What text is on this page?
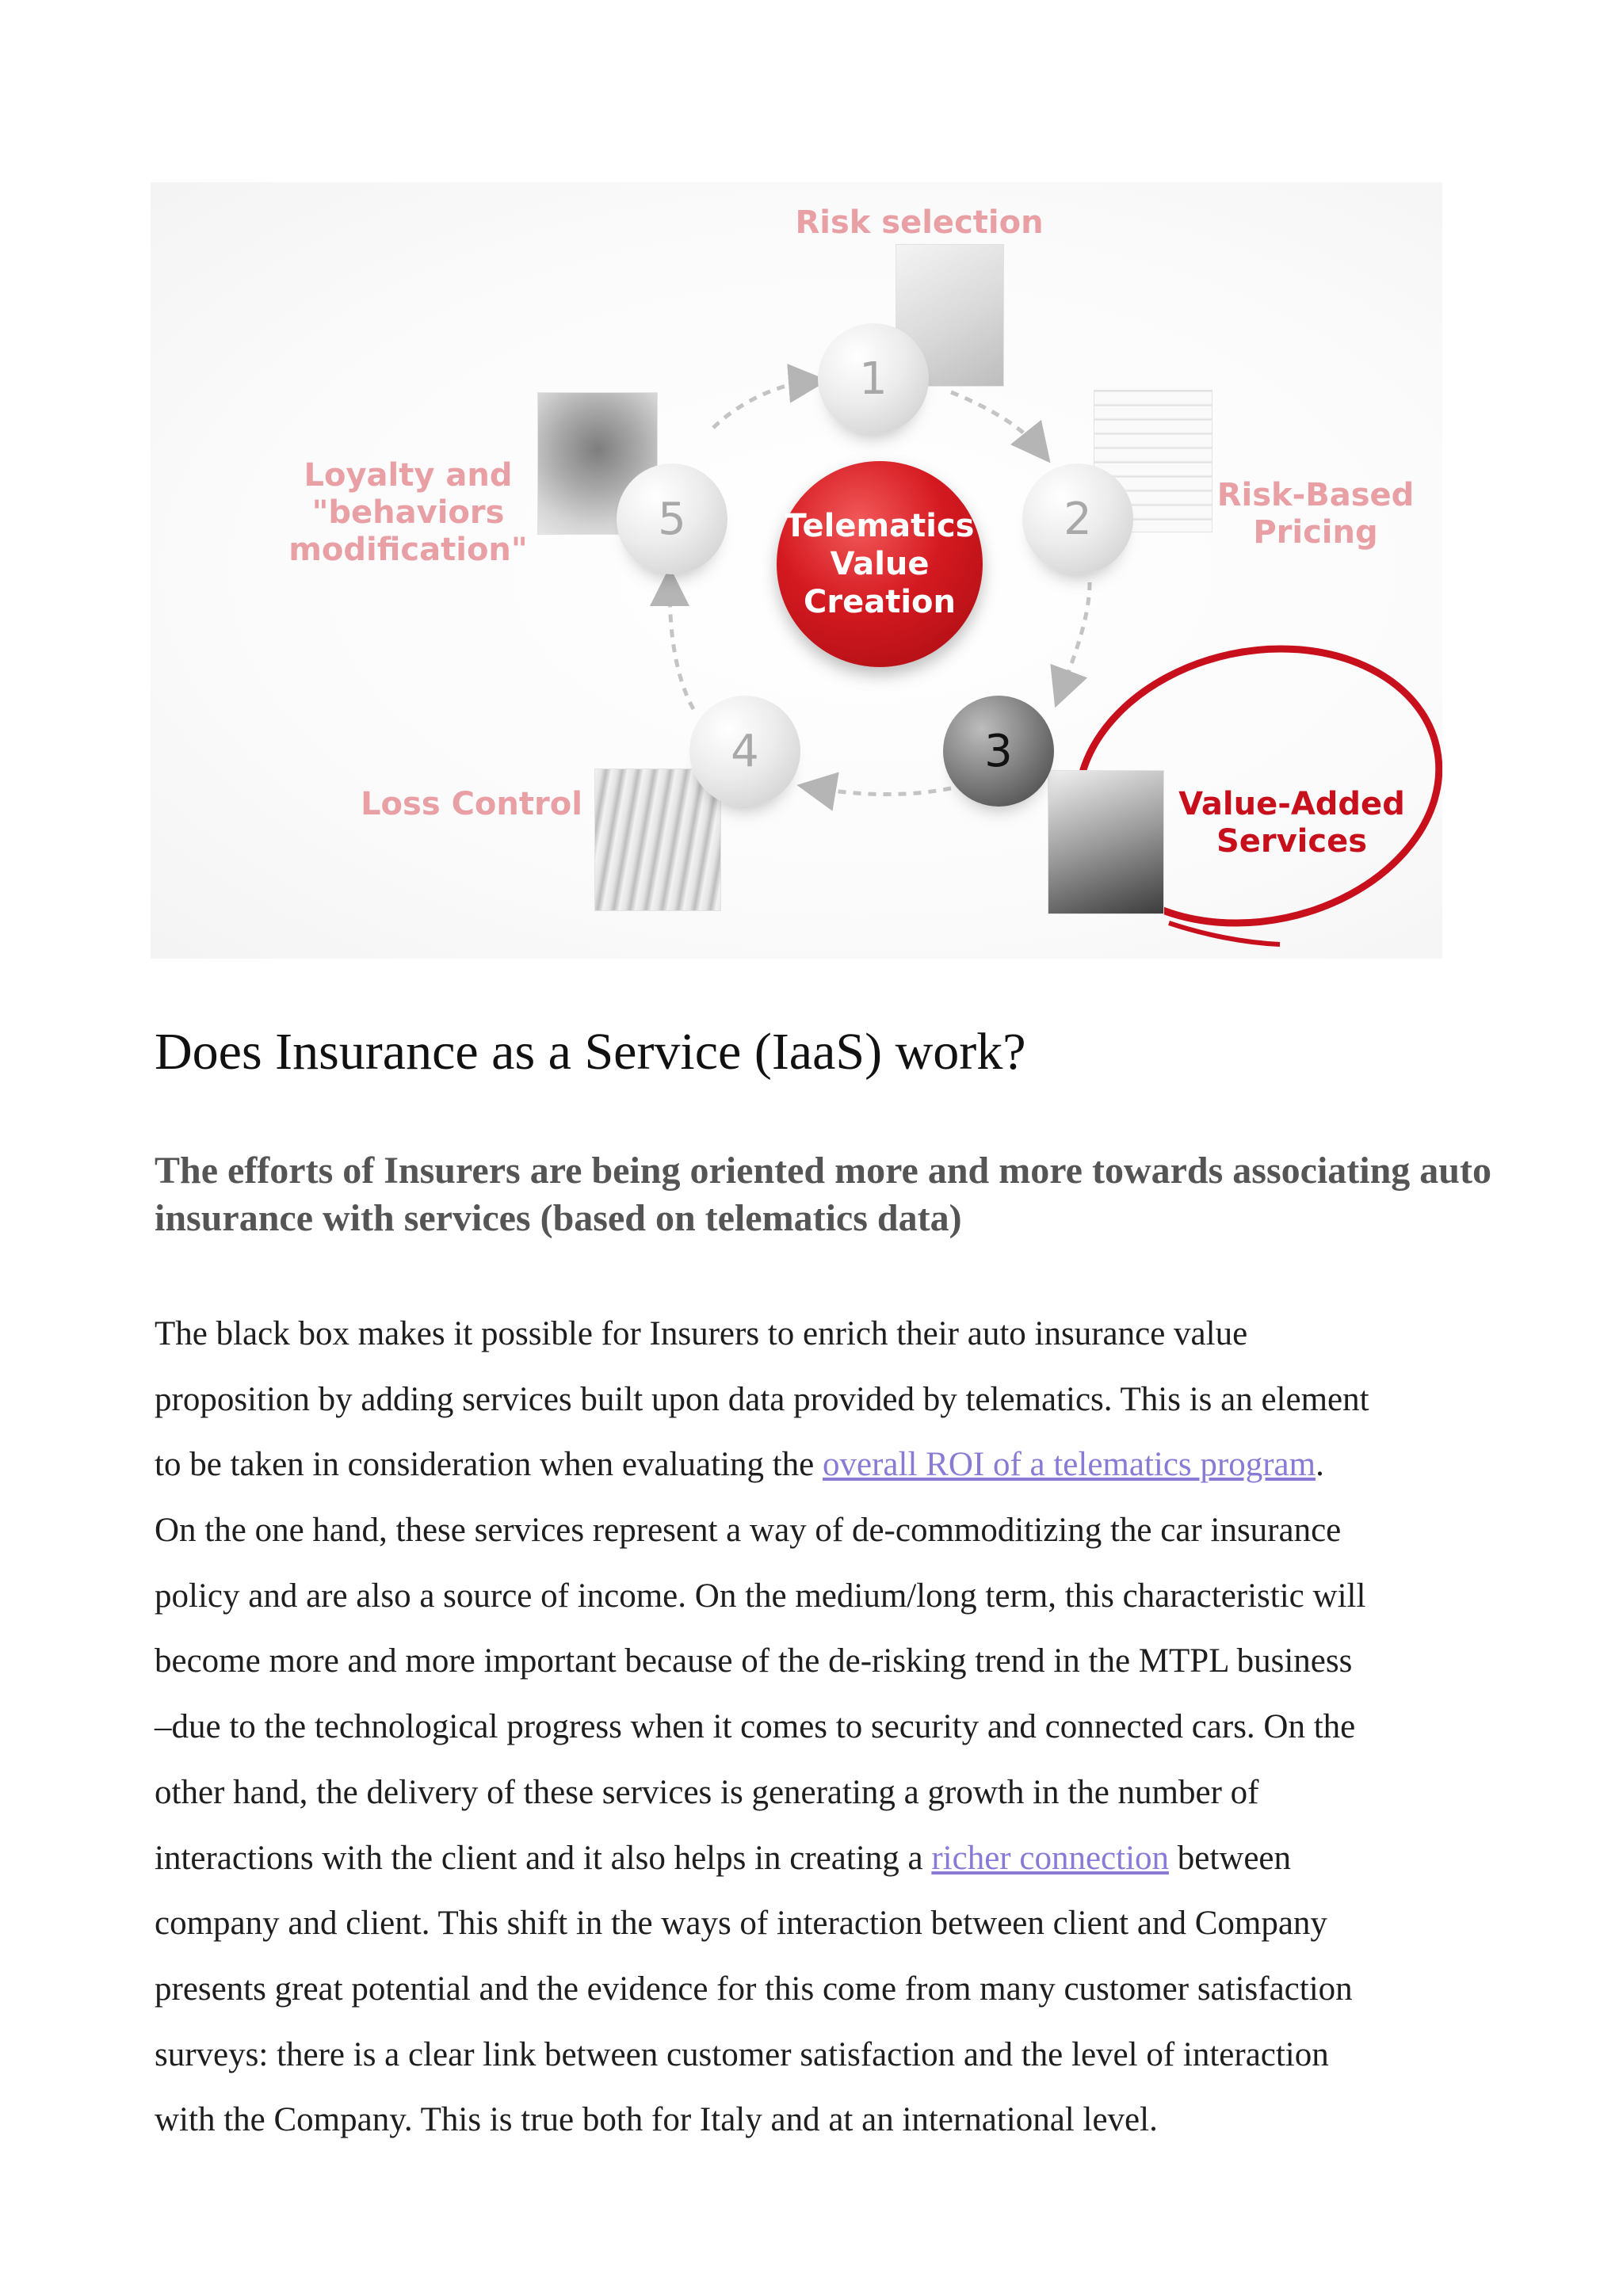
1
2
3
4
5	Telematics
Value
Creation
Risk selection
Risk-Based
Pricing
Value-Added
Services
Loss Control
Loyalty and
"behaviors
modification"
Does Insurance as a Service (IaaS) work?
The efforts of Insurers are being oriented more and more towards associating auto insurance with services (based on telematics data)
The black box makes it possible for Insurers to enrich their auto insurance value
proposition by adding services built upon data provided by telematics. This is an element
to be taken in consideration when evaluating the overall ROI of a telematics program.
On the one hand, these services represent a way of de-commoditizing the car insurance
policy and are also a source of income. On the medium/long term, this characteristic will
become more and more important because of the de-risking trend in the MTPL business
–due to the technological progress when it comes to security and connected cars. On the
other hand, the delivery of these services is generating a growth in the number of
interactions with the client and it also helps in creating a richer connection between
company and client. This shift in the ways of interaction between client and Company
presents great potential and the evidence for this come from many customer satisfaction
surveys: there is a clear link between customer satisfaction and the level of interaction
with the Company. This is true both for Italy and at an international level.
